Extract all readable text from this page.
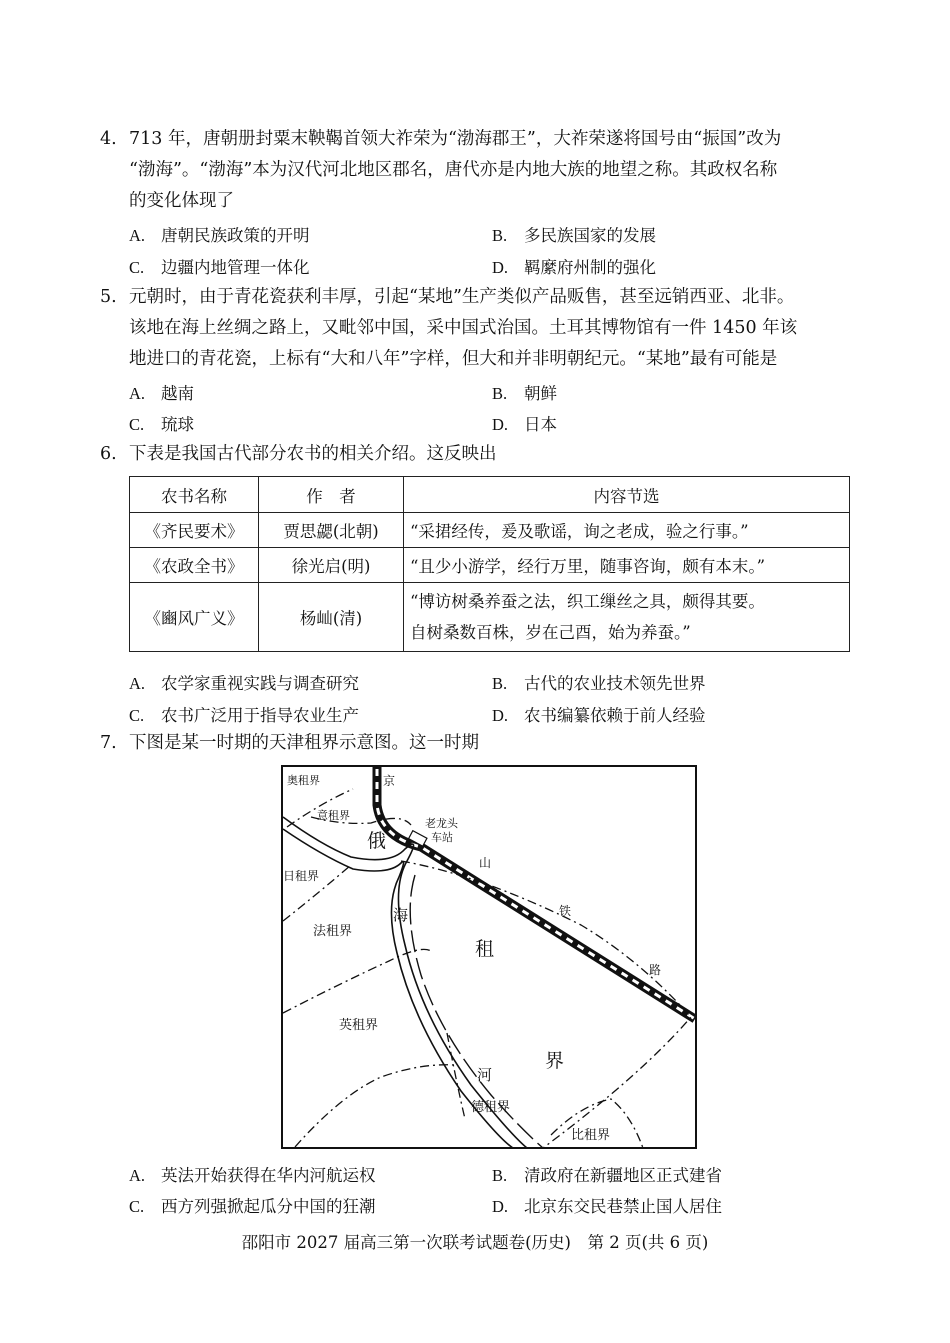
4. 713 年，唐朝册封粟末鞅鞨首领大祚荣为“渤海郡王”，大祚荣遂将国号由“振国”改为
“渤海”。“渤海”本为汉代河北地区郡名，唐代亦是内地大族的地望之称。其政权名称
的变化体现了
A. 唐朝民族政策的开明	B. 多民族国家的发展
C. 边疆内地管理一体化	D. 羁縻府州制的强化
5. 元朝时，由于青花瓷获利丰厚，引起“某地”生产类似产品贩售，甚至远销西亚、北非。
该地在海上丝绸之路上，又毗邻中国，采中国式治国。土耳其博物馆有一件 1450 年该
地进口的青花瓷，上标有“大和八年”字样，但大和并非明朝纪元。“某地”最有可能是
A. 越南	B. 朝鲜
C. 琉球	D. 日本
6. 下表是我国古代部分农书的相关介绍。这反映出
农书名称	作　者	内容节选
《齐民要术》	贾思勰(北朝)	“采捃经传，爰及歌谣，询之老成，验之行事。”
《农政全书》	徐光启(明)	“且少小游学，经行万里，随事咨询，颇有本末。”
《豳风广义》	杨屾(清)	“博访树桑养蚕之法，织工缫丝之具，颇得其要。
自树桑数百株，岁在己酉，始为养蚕。”
A. 农学家重视实践与调查研究	B. 古代的农业技术领先世界
C. 农书广泛用于指导农业生产	D. 农书编纂依赖于前人经验
7. 下图是某一时期的天津租界示意图。这一时期
奥租界
意租界
京
老龙头
车站
俄
山
日租界
海	铁
法租界
租
路
英租界
界
河
德租界
比租界
A. 英法开始获得在华内河航运权	B. 清政府在新疆地区正式建省
C. 西方列强掀起瓜分中国的狂潮	D. 北京东交民巷禁止国人居住
邵阳市 2027 届高三第一次联考试题卷(历史)　第 2 页(共 6 页)
